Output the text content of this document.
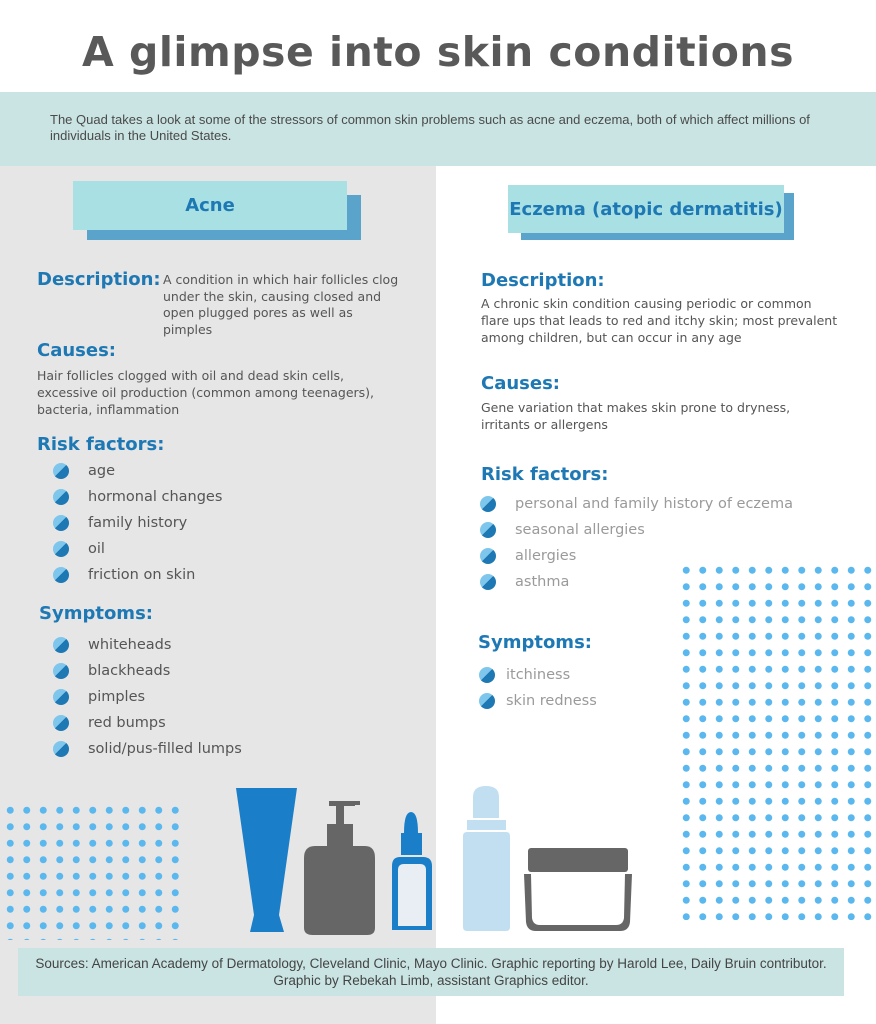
A glimpse into skin conditions

The Quad takes a look at some of the stressors of common skin problems such as acne and eczema, both of which affect millions of individuals in the United States.

Acne	Eczema (atopic dermatitis)
Description: A condition in which hair follicles clog under the skin, causing closed and open plugged pores as well as pimples
Causes:
Hair follicles clogged with oil and dead skin cells, excessive oil production (common among teenagers), bacteria, inflammation
Risk factors:
age
hormonal changes
family history
oil
friction on skin
Symptoms:
whiteheads
blackheads
pimples
red bumps
solid/pus-filled lumps
Description:
A chronic skin condition causing periodic or common flare ups that leads to red and itchy skin; most prevalent among children, but can occur in any age
Causes:
Gene variation that makes skin prone to dryness, irritants or allergens
Risk factors:
personal and family history of eczema
seasonal allergies
allergies
asthma
Symptoms:
itchiness
skin redness
Sources: American Academy of Dermatology, Cleveland Clinic, Mayo Clinic. Graphic reporting by Harold Lee, Daily Bruin contributor. Graphic by Rebekah Limb, assistant Graphics editor.
